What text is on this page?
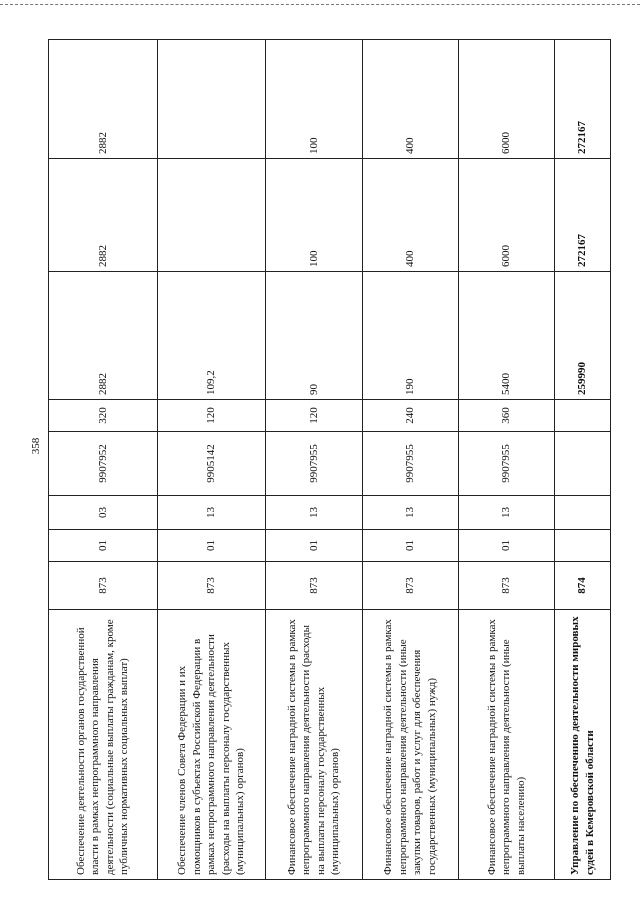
358
Обеспечение деятельности органов государственной власти в рамках непрограммного направления деятельности (социальные выплаты гражданам, кроме публичных нормативных социальных выплат)	873	01	03	9907952	320	2882	2882	2882
Обеспечение членов Совета Федерации и их помощников в субъектах Российской Федерации в рамках непрограммного направления деятельности (расходы на выплаты персоналу государственных (муниципальных) органов)	873	01	13	9905142	120	109,2		
Финансовое обеспечение наградной системы в рамках непрограммного направления деятельности (расходы на выплаты персоналу государственных (муниципальных) органов)	873	01	13	9907955	120	90	100	100
Финансовое обеспечение наградной системы в рамках непрограммного направления деятельности (иные закупки товаров, работ и услуг для обеспечения государственных (муниципальных) нужд)	873	01	13	9907955	240	190	400	400
Финансовое обеспечение наградной системы в рамках непрограммного направления деятельности (иные выплаты населению)	873	01	13	9907955	360	5400	6000	6000
Управление по обеспечению деятельности мировых судей в Кемеровской области	874					259990	272167	272167
